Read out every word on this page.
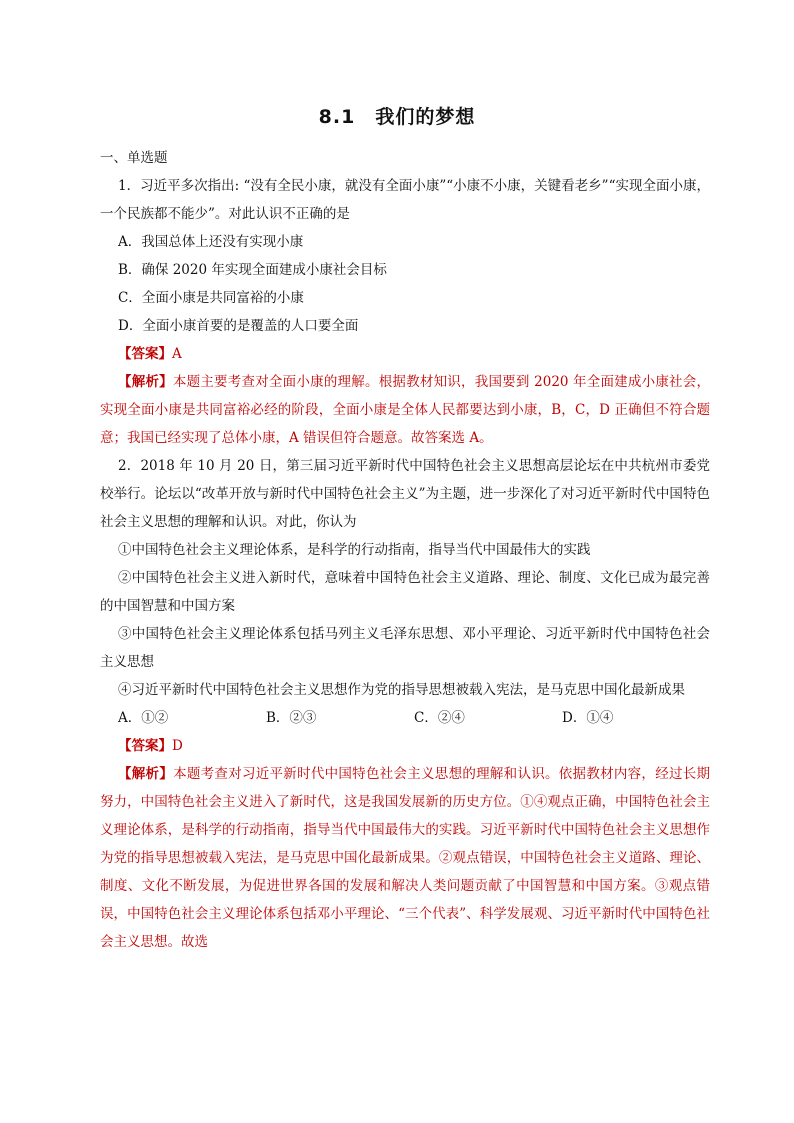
8.1　我们的梦想
一、单选题

1．习近平多次指出: “没有全民小康，就没有全面小康”“小康不小康，关键看老乡”“实现全面小康，一个民族都不能少”。对此认识不正确的是

A．我国总体上还没有实现小康

B．确保 2020 年实现全面建成小康社会目标

C．全面小康是共同富裕的小康

D．全面小康首要的是覆盖的人口要全面

【答案】A

【解析】本题主要考查对全面小康的理解。根据教材知识，我国要到 2020 年全面建成小康社会，实现全面小康是共同富裕必经的阶段，全面小康是全体人民都要达到小康，B，C，D 正确但不符合题意；我国已经实现了总体小康，A 错误但符合题意。故答案选 A。

2．2018 年 10 月 20 日，第三届习近平新时代中国特色社会主义思想高层论坛在中共杭州市委党校举行。论坛以“改革开放与新时代中国特色社会主义”为主题，进一步深化了对习近平新时代中国特色社会主义思想的理解和认识。对此，你认为

①中国特色社会主义理论体系，是科学的行动指南，指导当代中国最伟大的实践

②中国特色社会主义进入新时代，意味着中国特色社会主义道路、理论、制度、文化已成为最完善的中国智慧和中国方案

③中国特色社会主义理论体系包括马列主义毛泽东思想、邓小平理论、习近平新时代中国特色社会主义思想

④习近平新时代中国特色社会主义思想作为党的指导思想被载入宪法，是马克思中国化最新成果

A．①②	B．②③	C．②④	D．①④

【答案】D

【解析】本题考查对习近平新时代中国特色社会主义思想的理解和认识。依据教材内容，经过长期努力，中国特色社会主义进入了新时代，这是我国发展新的历史方位。①④观点正确，中国特色社会主义理论体系，是科学的行动指南，指导当代中国最伟大的实践。习近平新时代中国特色社会主义思想作为党的指导思想被载入宪法，是马克思中国化最新成果。②观点错误，中国特色社会主义道路、理论、制度、文化不断发展，为促进世界各国的发展和解决人类问题贡献了中国智慧和中国方案。③观点错误，中国特色社会主义理论体系包括邓小平理论、“三个代表”、科学发展观、习近平新时代中国特色社会主义思想。故选
